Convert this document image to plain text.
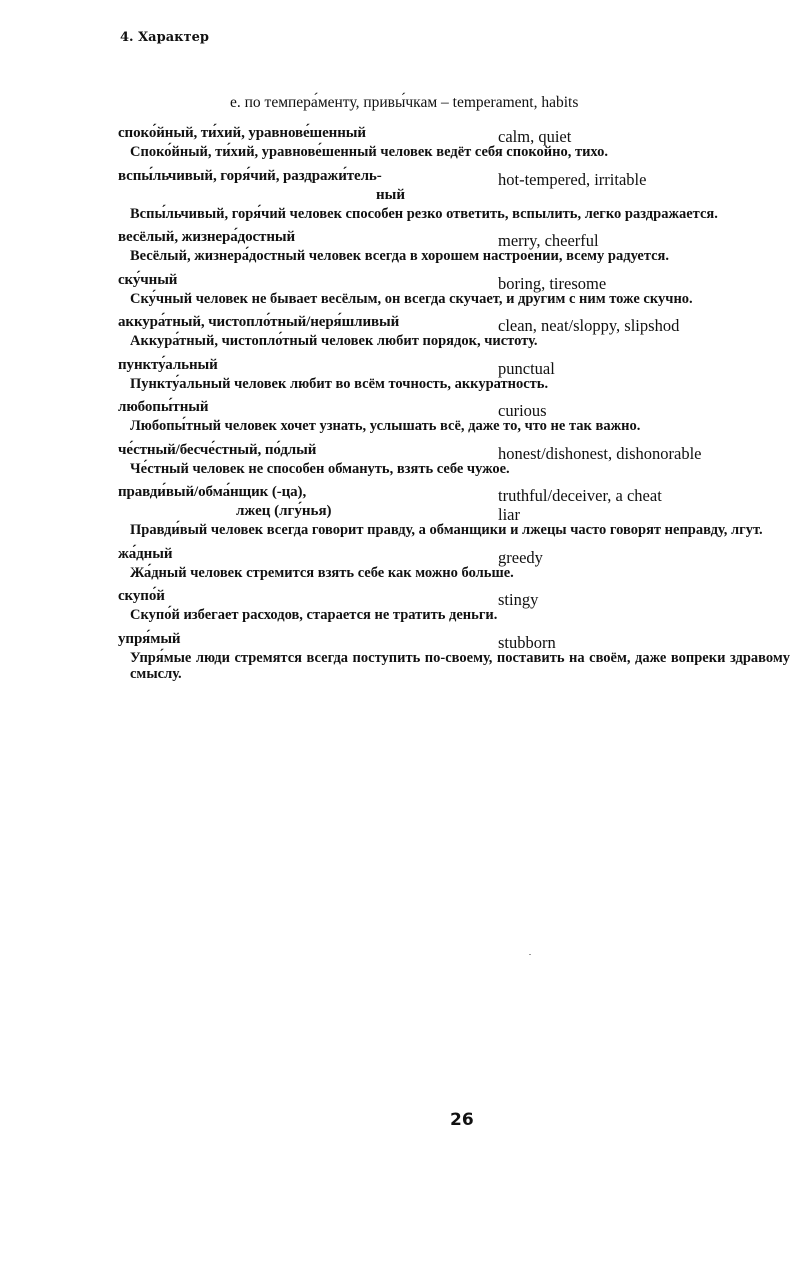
4. Характер
е. по темпера́менту, привы́чкам – temperament, habits
споко́йный, ти́хий, уравнове́шенный	calm, quiet
Споко́йный, ти́хий, уравнове́шенный человек ведёт себя спокойно, тихо.
вспы́льчивый, горя́чий, раздражи́тель-	hot-tempered, irritable
ный
Вспы́льчивый, горя́чий человек способен резко ответить, вспылить, легко раздражается.
весёлый, жизнера́достный	merry, cheerful
Весёлый, жизнера́достный человек всегда в хорошем настроении, всему радуется.
ску́чный	boring, tiresome
Ску́чный человек не бывает весёлым, он всегда скучает, и другим с ним тоже скучно.
аккура́тный, чистопло́тный/неря́шливый	clean, neat/sloppy, slipshod
Аккура́тный, чистопло́тный человек любит порядок, чистоту.
пункту́альный	punctual
Пункту́альный человек любит во всём точность, аккуратность.
любопы́тный	curious
Любопы́тный человек хочет узнать, услышать всё, даже то, что не так важно.
че́стный/бесче́стный, по́длый	honest/dishonest, dishonorable
Че́стный человек не способен обмануть, взять себе чужое.
правди́вый/обма́нщик (-ца),	truthful/deceiver, a cheat
лжец (лгу́нья)	liar
Правди́вый человек всегда говорит правду, а обманщики и лжецы часто говорят неправду, лгут.
жа́дный	greedy
Жа́дный человек стремится взять себе как можно больше.
скупо́й	stingy
Скупо́й избегает расходов, старается не тратить деньги.
упря́мый	stubborn
Упря́мые люди стремятся всегда поступить по-своему, поставить на своём, даже вопреки здравому смыслу.
26
